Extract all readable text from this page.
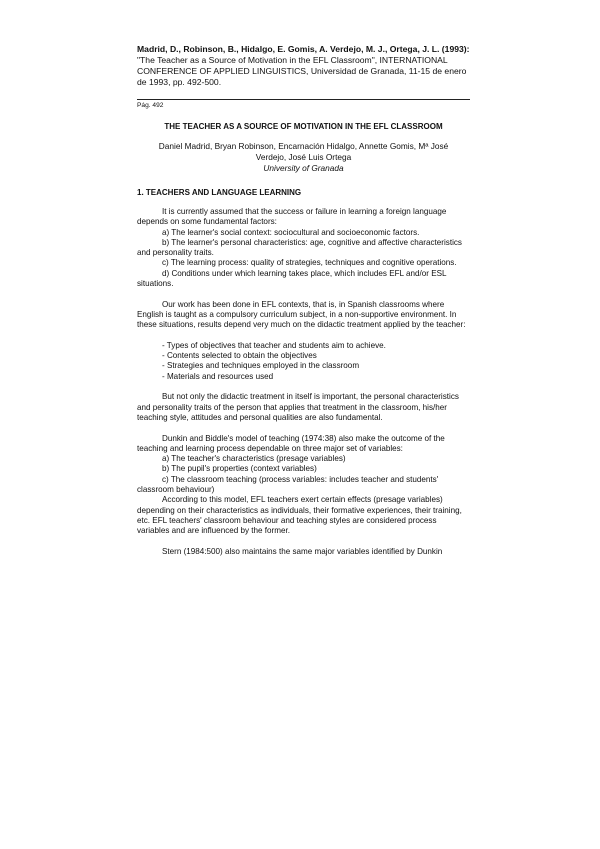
Madrid, D., Robinson, B., Hidalgo, E. Gomis, A. Verdejo, M. J., Ortega, J. L. (1993): "The Teacher as a Source of Motivation in the EFL Classroom", INTERNATIONAL CONFERENCE OF APPLIED LINGUISTICS, Universidad de Granada, 11-15 de enero de 1993, pp. 492-500.
Pág. 492
THE TEACHER AS A SOURCE OF MOTIVATION IN THE EFL CLASSROOM
Daniel Madrid, Bryan Robinson, Encarnación Hidalgo, Annette Gomis, Mª José
Verdejo, José Luis Ortega
University of Granada
1. TEACHERS AND LANGUAGE LEARNING

It is currently assumed that the success or failure in learning a foreign language depends on some fundamental factors:

a) The learner's social context: sociocultural and socioeconomic factors.

b) The learner's personal characteristics: age, cognitive and affective characteristics and personality traits.

c) The learning process: quality of strategies, techniques and cognitive operations.

d) Conditions under which learning takes place, which includes EFL and/or ESL situations.

Our work has been done in EFL contexts, that is, in Spanish classrooms where English is taught as a compulsory curriculum subject, in a non-supportive environment. In these situations, results depend very much on the didactic treatment applied by the teacher:

- Types of objectives that teacher and students aim to achieve.

- Contents selected to obtain the objectives

- Strategies and techniques employed in the classroom

- Materials and resources used

But not only the didactic treatment in itself is important, the personal characteristics and personality traits of the person that applies that treatment in the classroom, his/her teaching style, attitudes and personal qualities are also fundamental.

Dunkin and Biddle's model of teaching (1974:38) also make the outcome of the teaching and learning process dependable on three major set of variables:

a) The teacher's characteristics (presage variables)

b) The pupil's properties (context variables)

c) The classroom teaching (process variables: includes teacher and students' classroom behaviour)

According to this model, EFL teachers exert certain effects (presage variables) depending on their characteristics as individuals, their formative experiences, their training, etc. EFL teachers' classroom behaviour and teaching styles are considered process variables and are influenced by the former.

Stern (1984:500) also maintains the same major variables identified by Dunkin
